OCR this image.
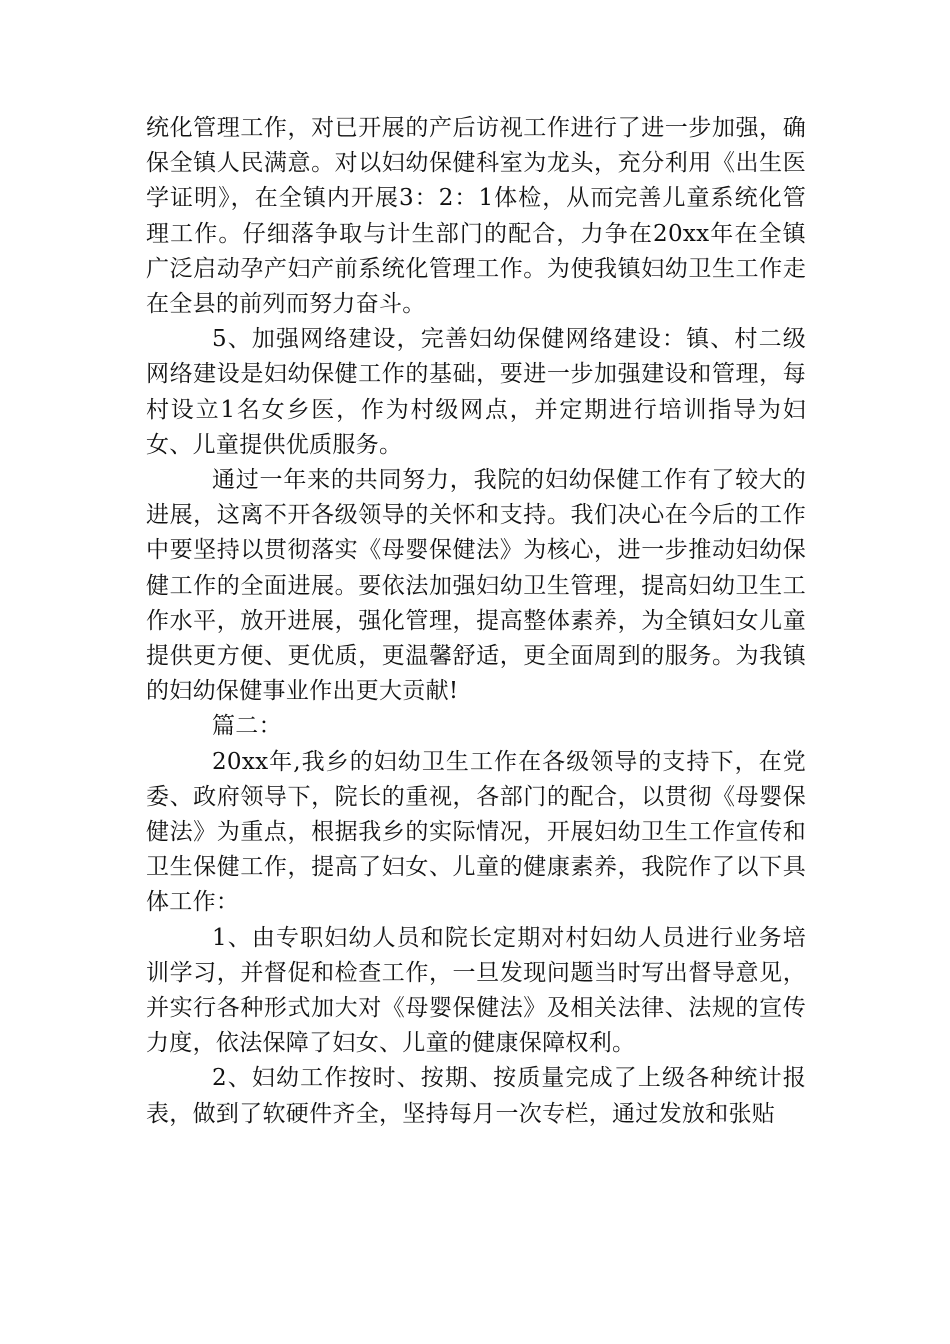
统化管理工作，对已开展的产后访视工作进行了进一步加强，确保全镇人民满意。对以妇幼保健科室为龙头，充分利用《出生医学证明》，在全镇内开展3：2：1体检，从而完善儿童系统化管理工作。仔细落争取与计生部门的配合，力争在20xx年在全镇广泛启动孕产妇产前系统化管理工作。为使我镇妇幼卫生工作走在全县的前列而努力奋斗。

5、加强网络建设，完善妇幼保健网络建设：镇、村二级网络建设是妇幼保健工作的基础，要进一步加强建设和管理，每村设立1名女乡医，作为村级网点，并定期进行培训指导为妇女、儿童提供优质服务。

通过一年来的共同努力，我院的妇幼保健工作有了较大的进展，这离不开各级领导的关怀和支持。我们决心在今后的工作中要坚持以贯彻落实《母婴保健法》为核心，进一步推动妇幼保健工作的全面进展。要依法加强妇幼卫生管理，提高妇幼卫生工作水平，放开进展，强化管理，提高整体素养，为全镇妇女儿童提供更方便、更优质，更温馨舒适，更全面周到的服务。为我镇的妇幼保健事业作出更大贡献!

篇二：

20xx年,我乡的妇幼卫生工作在各级领导的支持下，在党委、政府领导下，院长的重视，各部门的配合，以贯彻《母婴保健法》为重点，根据我乡的实际情况，开展妇幼卫生工作宣传和卫生保健工作，提高了妇女、儿童的健康素养，我院作了以下具体工作：

1、由专职妇幼人员和院长定期对村妇幼人员进行业务培训学习，并督促和检查工作，一旦发现问题当时写出督导意见，并实行各种形式加大对《母婴保健法》及相关法律、法规的宣传力度，依法保障了妇女、儿童的健康保障权利。

2、妇幼工作按时、按期、按质量完成了上级各种统计报表，做到了软硬件齐全，坚持每月一次专栏，通过发放和张贴
